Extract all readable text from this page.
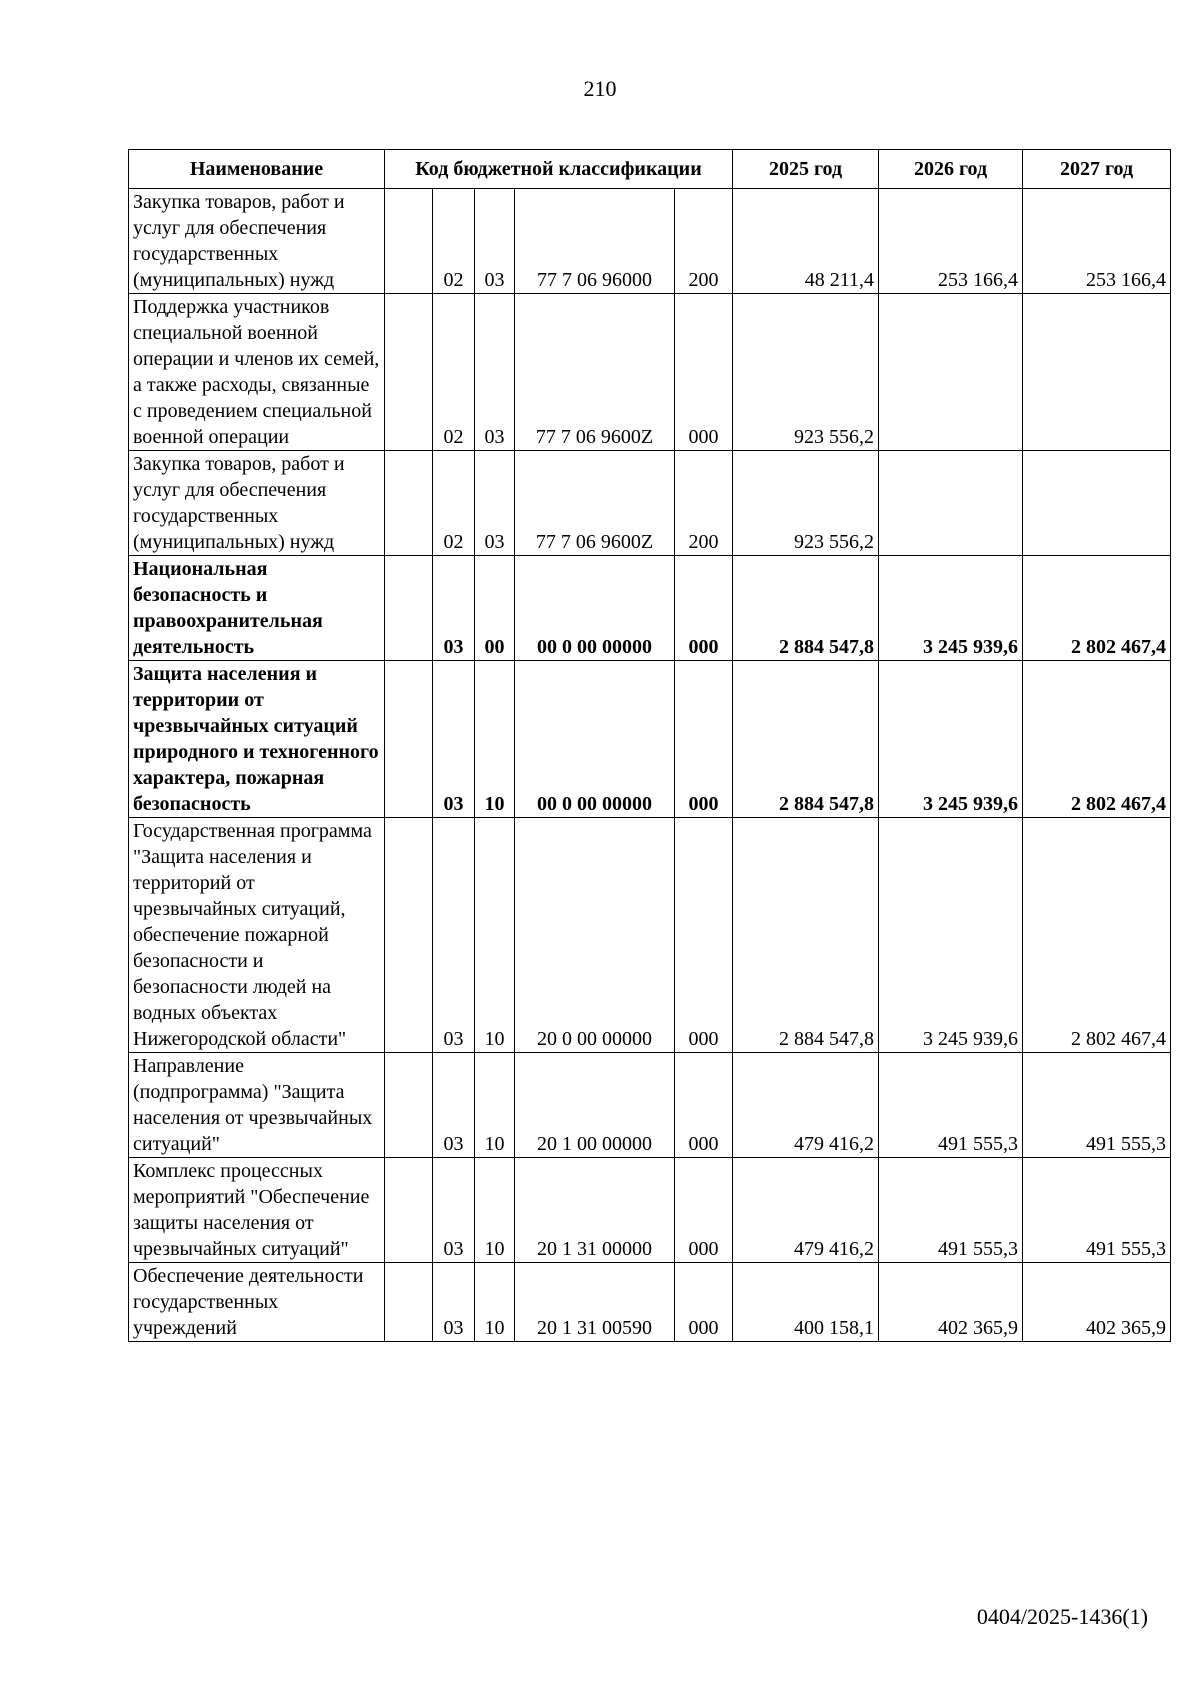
210
Наименование	Код бюджетной классификации					2025 год	2026 год	2027 год
Закупка товаров, работ и услуг для обеспечения государственных (муниципальных) нужд		02	03	77 7 06 96000	200	48 211,4	253 166,4	253 166,4
Поддержка участников специальной военной операции и членов их семей, а также расходы, связанные с проведением специальной военной операции		02	03	77 7 06 9600Z	000	923 556,2		
Закупка товаров, работ и услуг для обеспечения государственных (муниципальных) нужд		02	03	77 7 06 9600Z	200	923 556,2		
Национальная безопасность и правоохранительная деятельность		03	00	00 0 00 00000	000	2 884 547,8	3 245 939,6	2 802 467,4
Защита населения и территории от чрезвычайных ситуаций природного и техногенного характера, пожарная безопасность		03	10	00 0 00 00000	000	2 884 547,8	3 245 939,6	2 802 467,4
Государственная программа "Защита населения и территорий от чрезвычайных ситуаций, обеспечение пожарной безопасности и безопасности людей на водных объектах Нижегородской области"		03	10	20 0 00 00000	000	2 884 547,8	3 245 939,6	2 802 467,4
Направление (подпрограмма) "Защита населения от чрезвычайных ситуаций"		03	10	20 1 00 00000	000	479 416,2	491 555,3	491 555,3
Комплекс процессных мероприятий "Обеспечение защиты населения от чрезвычайных ситуаций"		03	10	20 1 31 00000	000	479 416,2	491 555,3	491 555,3
Обеспечение деятельности государственных учреждений		03	10	20 1 31 00590	000	400 158,1	402 365,9	402 365,9
0404/2025-1436(1)
